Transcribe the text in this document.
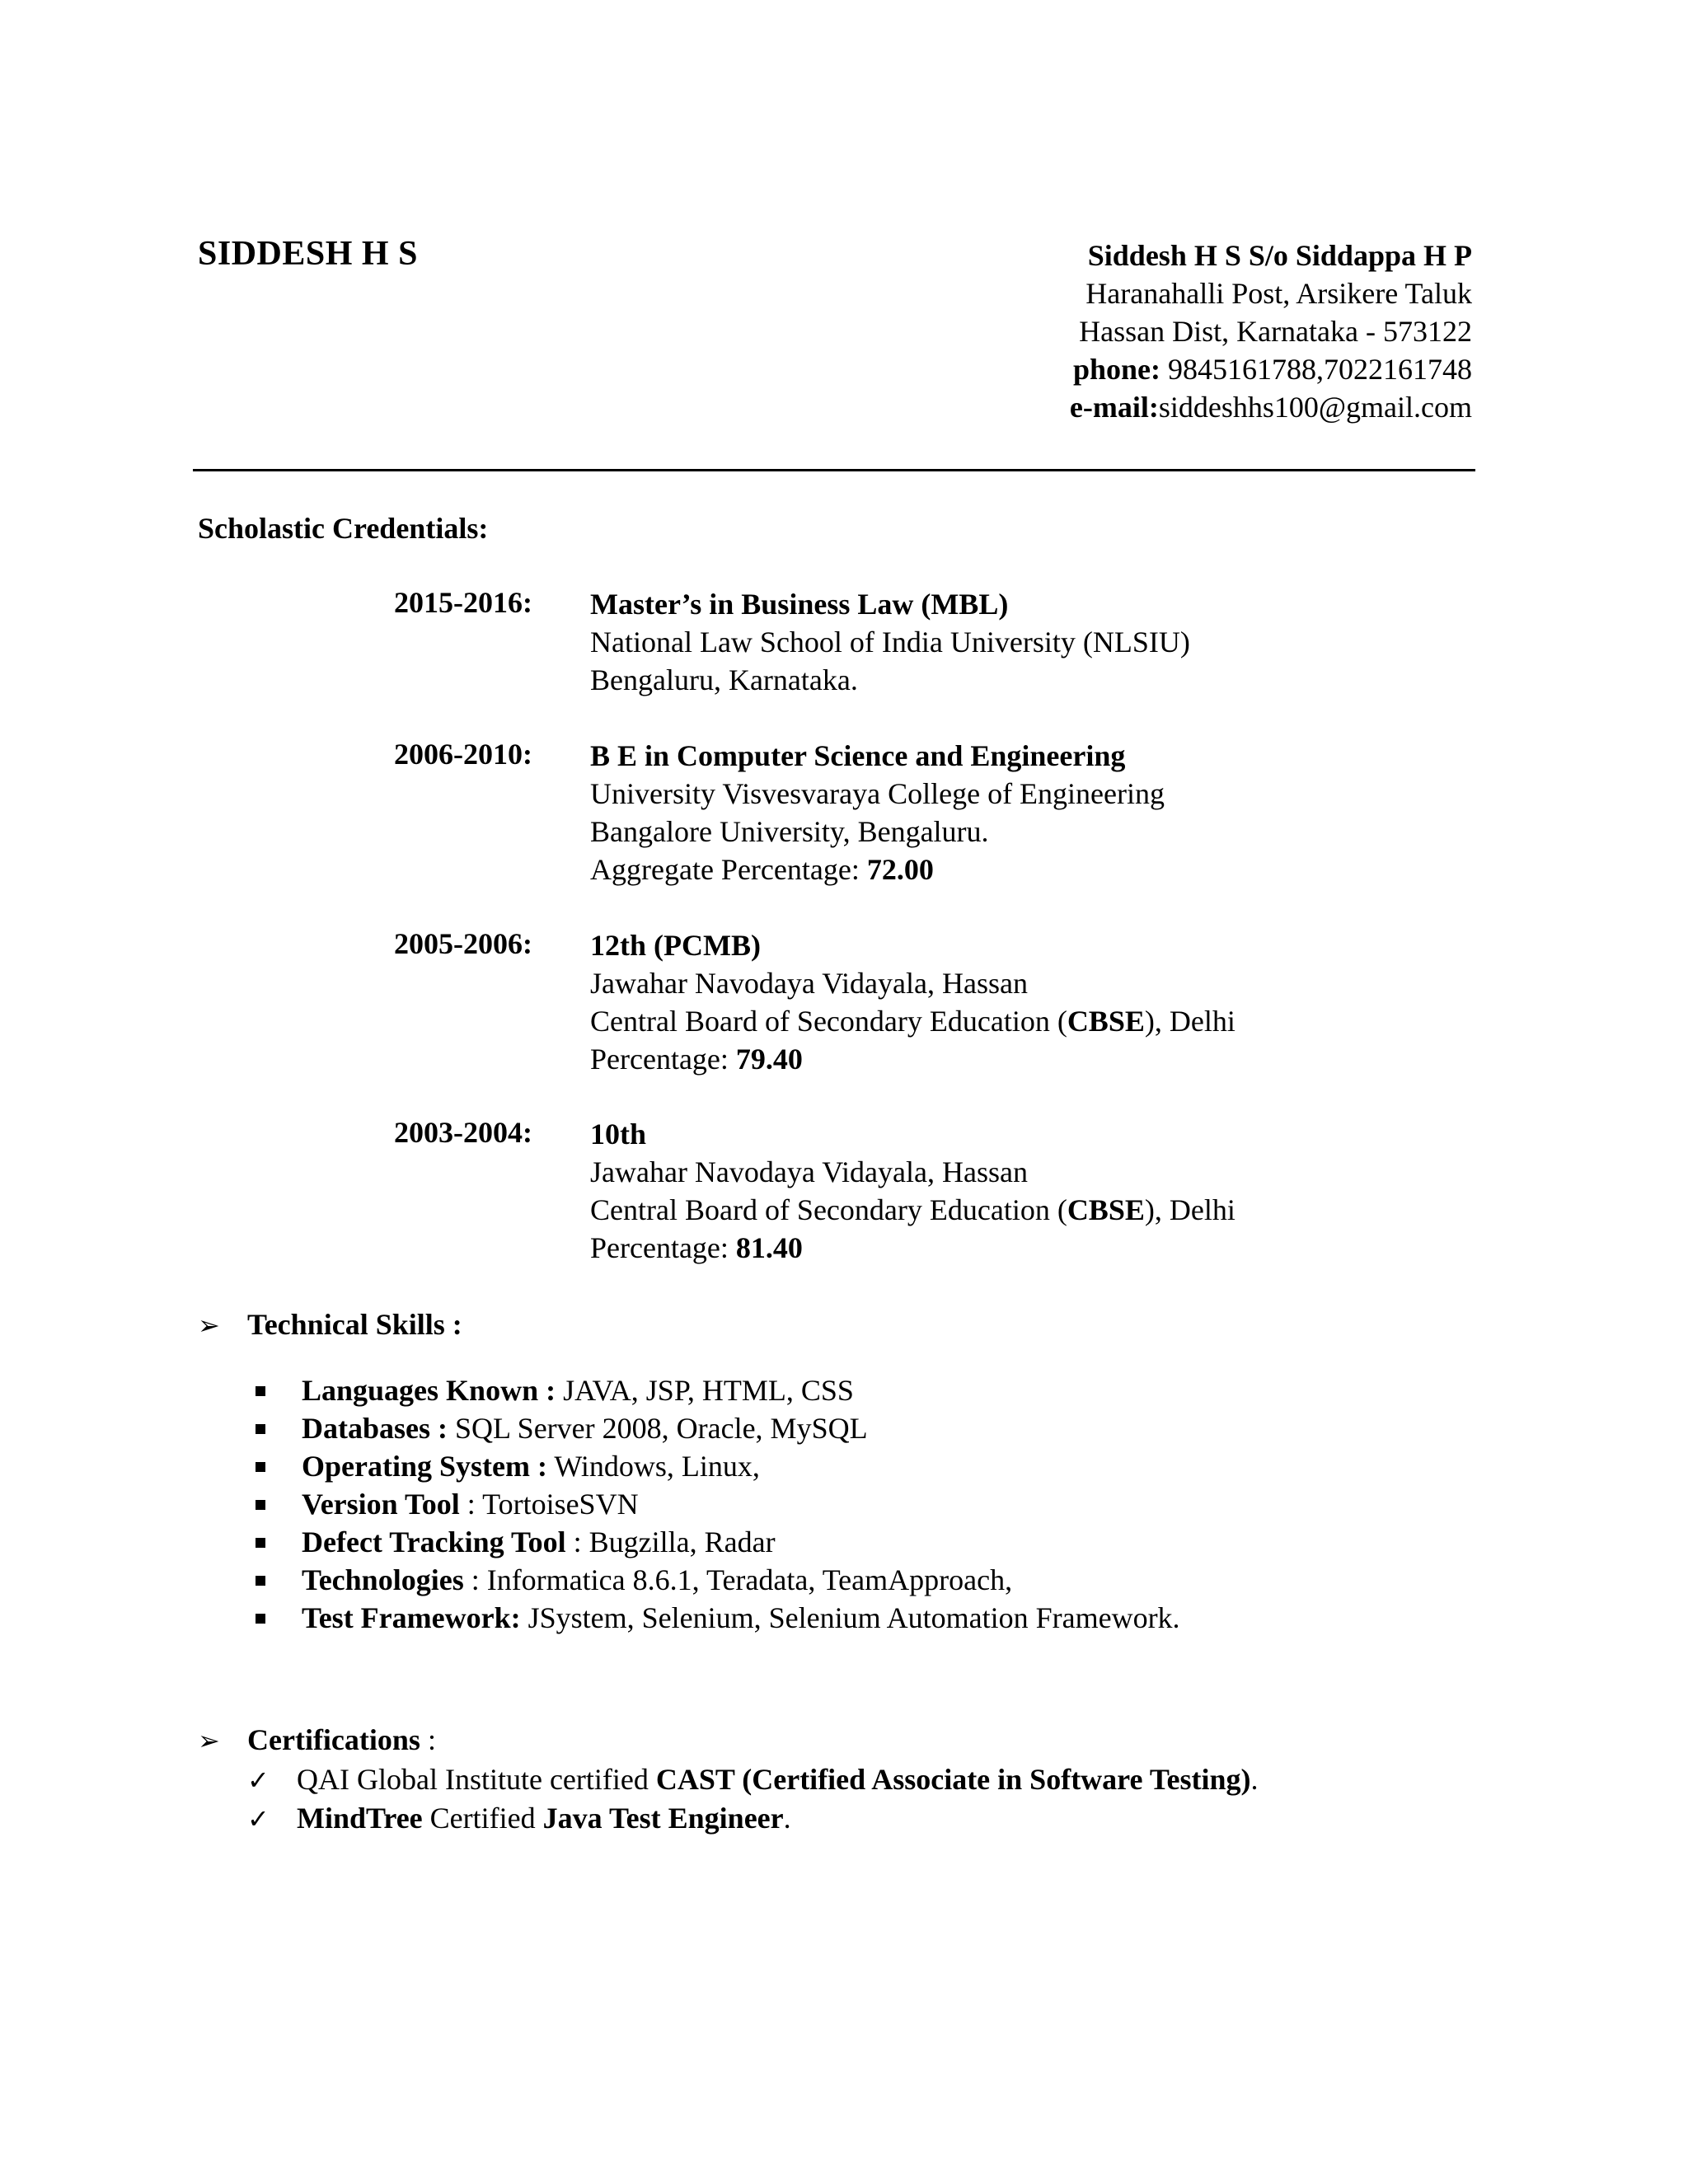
SIDDESH H S	Siddesh H S S/o Siddappa H P
Haranahalli Post, Arsikere Taluk
Hassan Dist, Karnataka - 573122
phone: 9845161788,7022161748
e-mail:siddeshhs100@gmail.com
Scholastic Credentials:
2015-2016: Master’s in Business Law (MBL)
National Law School of India University (NLSIU)
Bengaluru, Karnataka.
2006-2010: B E in Computer Science and Engineering
University Visvesvaraya College of Engineering
Bangalore University, Bengaluru.
Aggregate Percentage: 72.00
2005-2006: 12th (PCMB)
Jawahar Navodaya Vidayala, Hassan
Central Board of Secondary Education (CBSE), Delhi
Percentage: 79.40
2003-2004: 10th
Jawahar Navodaya Vidayala, Hassan
Central Board of Secondary Education (CBSE), Delhi
Percentage: 81.40
➢ Technical Skills :
Languages Known : JAVA, JSP, HTML, CSS
Databases : SQL Server 2008, Oracle, MySQL
Operating System : Windows, Linux,
Version Tool : TortoiseSVN
Defect Tracking Tool : Bugzilla, Radar
Technologies : Informatica 8.6.1, Teradata, TeamApproach,
Test Framework: JSystem, Selenium, Selenium Automation Framework.
➢ Certifications :
✓ QAI Global Institute certified CAST (Certified Associate in Software Testing).
✓ MindTree Certified Java Test Engineer.
